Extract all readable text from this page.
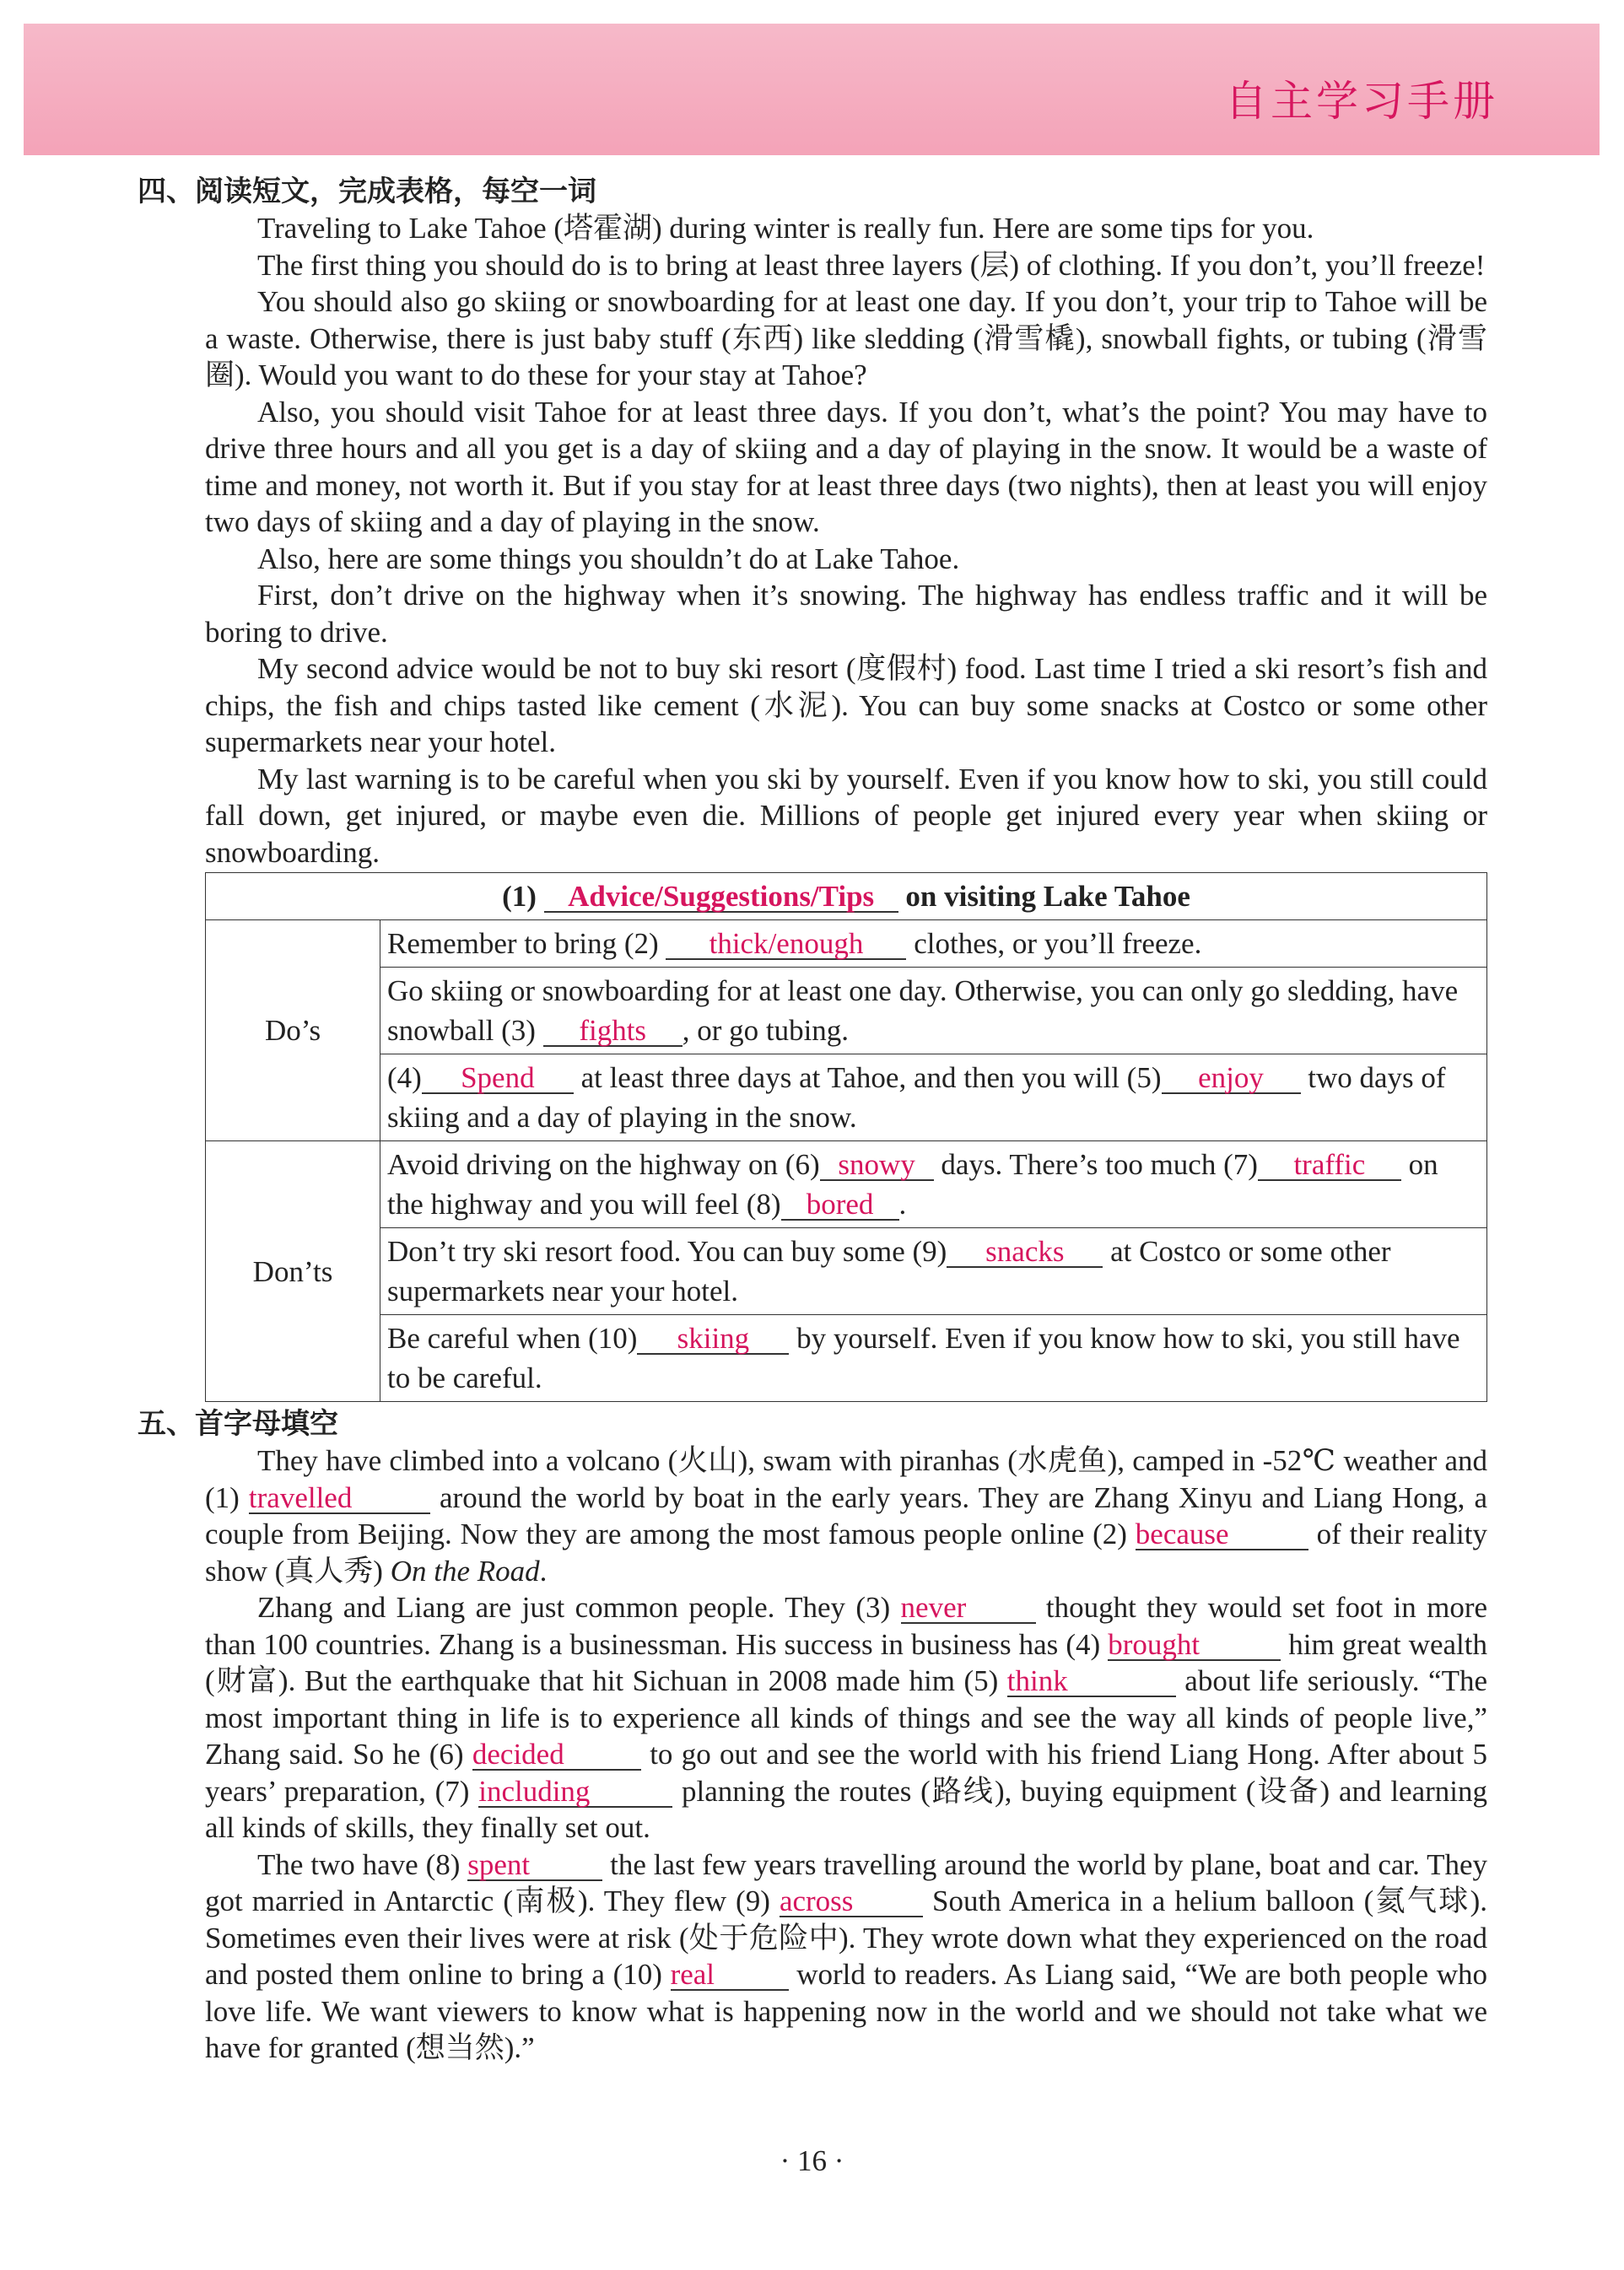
自主学习手册
四、阅读短文，完成表格，每空一词

Traveling to Lake Tahoe (塔霍湖) during winter is really fun. Here are some tips for you.

The first thing you should do is to bring at least three layers (层) of clothing. If you don’t, you’ll freeze!

You should also go skiing or snowboarding for at least one day. If you don’t, your trip to Tahoe will be a waste. Otherwise, there is just baby stuff (东西) like sledding (滑雪橇), snowball fights, or tubing (滑雪圈). Would you want to do these for your stay at Tahoe?

Also, you should visit Tahoe for at least three days. If you don’t, what’s the point? You may have to drive three hours and all you get is a day of skiing and a day of playing in the snow. It would be a waste of time and money, not worth it. But if you stay for at least three days (two nights), then at least you will enjoy two days of skiing and a day of playing in the snow.

Also, here are some things you shouldn’t do at Lake Tahoe.

First, don’t drive on the highway when it’s snowing. The highway has endless traffic and it will be boring to drive.

My second advice would be not to buy ski resort (度假村) food. Last time I tried a ski resort’s fish and chips, the fish and chips tasted like cement (水泥). You can buy some snacks at Costco or some other supermarkets near your hotel.

My last warning is to be careful when you ski by yourself. Even if you know how to ski, you still could fall down, get injured, or maybe even die. Millions of people get injured every year when skiing or snowboarding.

(1) Advice/Suggestions/Tips on visiting Lake Tahoe	
Do’s	Remember to bring (2) thick/enough clothes, or you’ll freeze.
	Go skiing or snowboarding for at least one day. Otherwise, you can only go sledding, have snowball (3) fights , or go tubing.
	(4) Spend at least three days at Tahoe, and then you will (5) enjoy two days of skiing and a day of playing in the snow.
Don’ts	Avoid driving on the highway on (6) snowy days. There’s too much (7) traffic on the highway and you will feel (8) bored .
	Don’t try ski resort food. You can buy some (9) snacks at Costco or some other supermarkets near your hotel.
	Be careful when (10) skiing by yourself. Even if you know how to ski, you still have to be careful.
五、首字母填空

They have climbed into a volcano (火山), swam with piranhas (水虎鱼), camped in -52℃ weather and (1) travelled	around the world by boat in the early years. They are Zhang Xinyu and Liang Hong, a couple from Beijing. Now they are among the most famous people online (2) because	of their reality show (真人秀) On the Road.

Zhang and Liang are just common people. They (3) never	thought they would set foot in more than 100 countries. Zhang is a businessman. His success in business has (4) brought	him great wealth (财富). But the earthquake that hit Sichuan in 2008 made him (5) think	about life seriously. “The most important thing in life is to experience all kinds of things and see the way all kinds of people live,” Zhang said. So he (6) decided	to go out and see the world with his friend Liang Hong. After about 5 years’ preparation, (7) including	planning the routes (路线), buying equipment (设备) and learning all kinds of skills, they finally set out.

The two have (8) spent	the last few years travelling around the world by plane, boat and car. They got married in Antarctic (南极). They flew (9) across	South America in a helium balloon (氦气球). Sometimes even their lives were at risk (处于危险中). They wrote down what they experienced on the road and posted them online to bring a (10) real	world to readers. As Liang said, “We are both people who love life. We want viewers to know what is happening now in the world and we should not take what we have for granted (想当然).”

· 16 ·
